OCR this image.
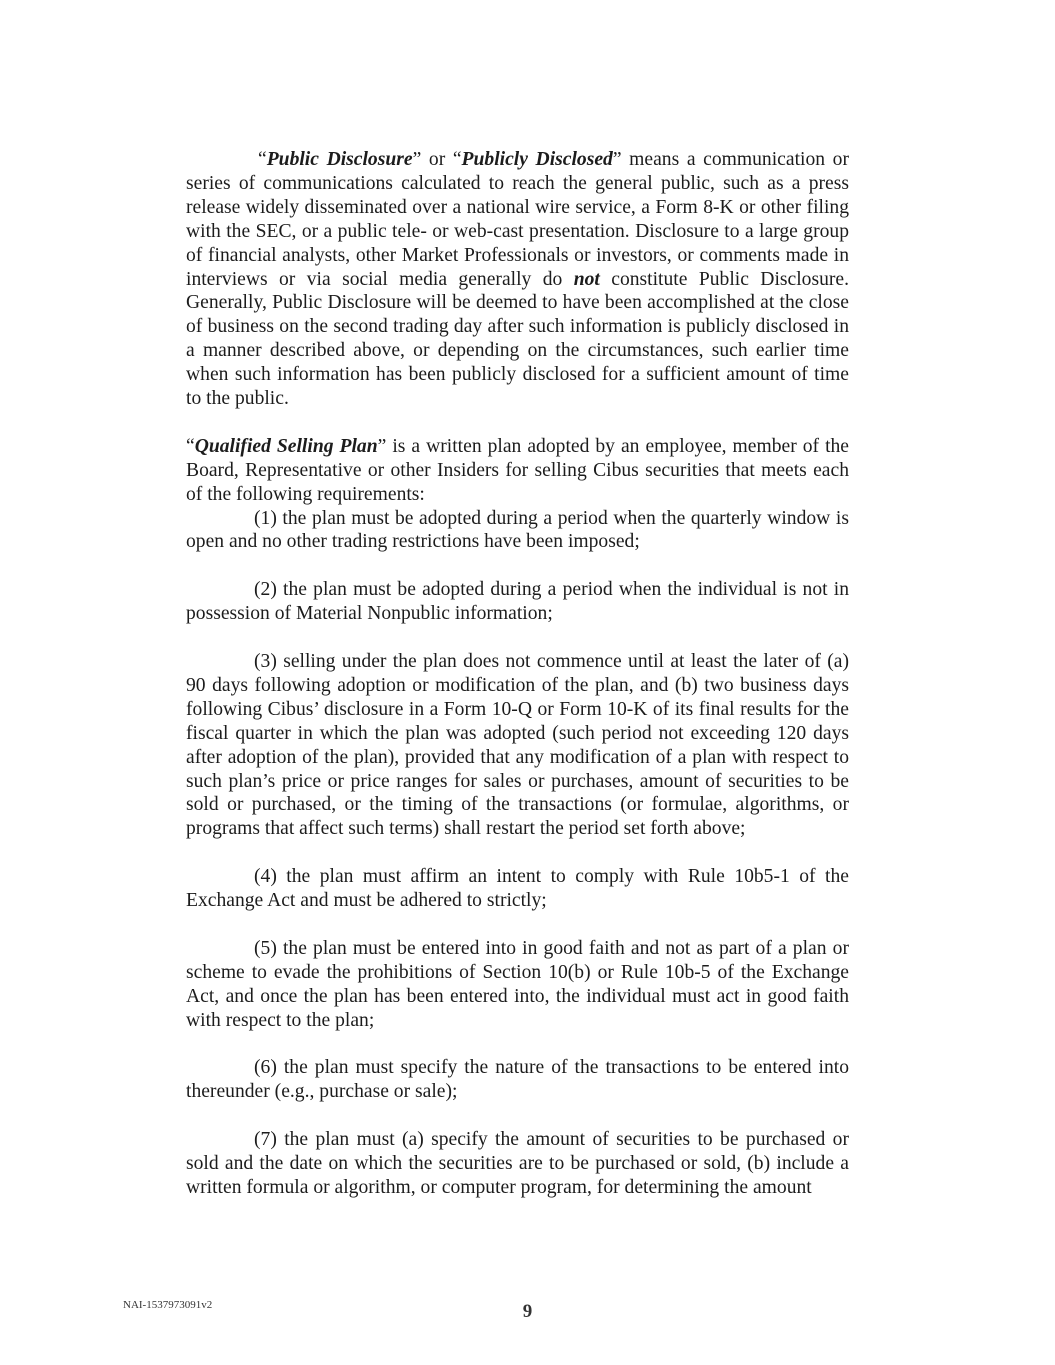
“Public Disclosure” or “Publicly Disclosed” means a communication or series of communications calculated to reach the general public, such as a press release widely disseminated over a national wire service, a Form 8-K or other filing with the SEC, or a public tele- or web-cast presentation. Disclosure to a large group of financial analysts, other Market Professionals or investors, or comments made in interviews or via social media generally do not constitute Public Disclosure. Generally, Public Disclosure will be deemed to have been accomplished at the close of business on the second trading day after such information is publicly disclosed in a manner described above, or depending on the circumstances, such earlier time when such information has been publicly disclosed for a sufficient amount of time to the public.

“Qualified Selling Plan” is a written plan adopted by an employee, member of the Board, Representative or other Insiders for selling Cibus securities that meets each of the following requirements:

(1) the plan must be adopted during a period when the quarterly window is open and no other trading restrictions have been imposed;

(2) the plan must be adopted during a period when the individual is not in possession of Material Nonpublic information;

(3) selling under the plan does not commence until at least the later of (a) 90 days following adoption or modification of the plan, and (b) two business days following Cibus’ disclosure in a Form 10-Q or Form 10-K of its final results for the fiscal quarter in which the plan was adopted (such period not exceeding 120 days after adoption of the plan), provided that any modification of a plan with respect to such plan’s price or price ranges for sales or purchases, amount of securities to be sold or purchased, or the timing of the transactions (or formulae, algorithms, or programs that affect such terms) shall restart the period set forth above;

(4) the plan must affirm an intent to comply with Rule 10b5-1 of the Exchange Act and must be adhered to strictly;

(5) the plan must be entered into in good faith and not as part of a plan or scheme to evade the prohibitions of Section 10(b) or Rule 10b-5 of the Exchange Act, and once the plan has been entered into, the individual must act in good faith with respect to the plan;

(6) the plan must specify the nature of the transactions to be entered into thereunder (e.g., purchase or sale);

(7) the plan must (a) specify the amount of securities to be purchased or sold and the date on which the securities are to be purchased or sold, (b) include a written formula or algorithm, or computer program, for determining the amount

NAI-1537973091v2	9
